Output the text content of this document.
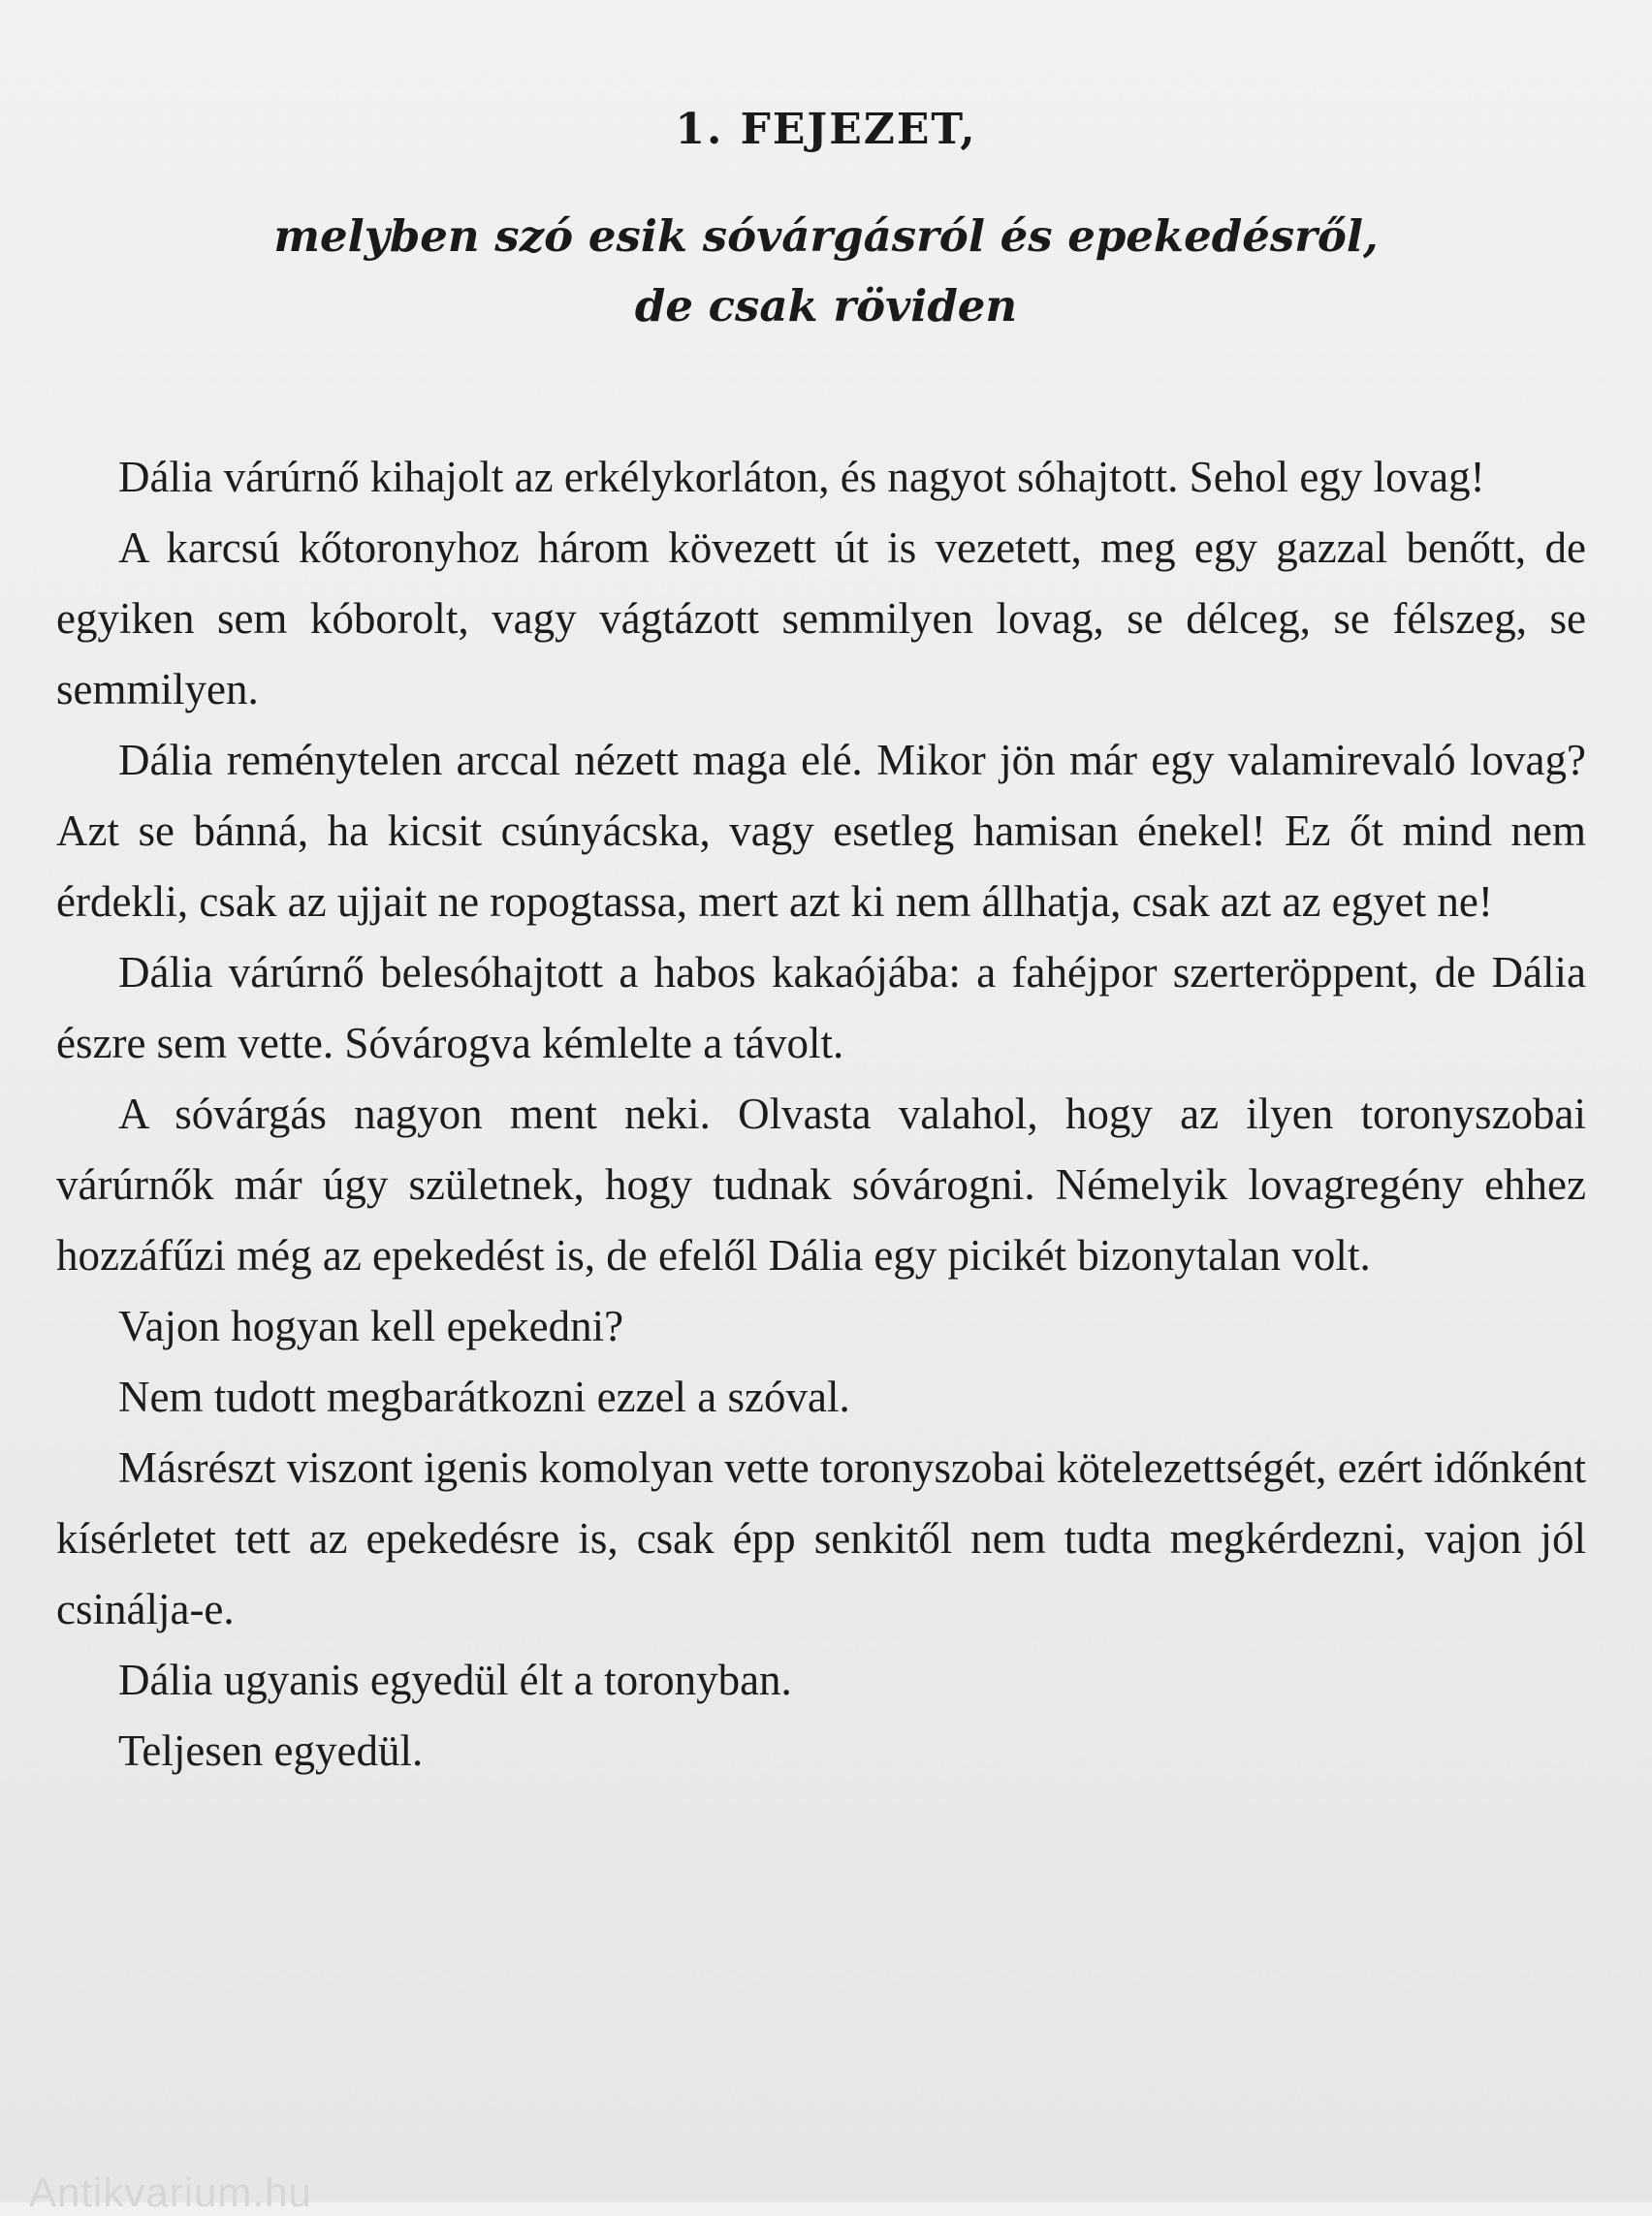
1. FEJEZET,
melyben szó esik sóvárgásról és epekedésről,
de csak röviden

Dália várúrnő kihajolt az erkélykorláton, és nagyot sóhajtott. Sehol egy lovag!

A karcsú kőtoronyhoz három kövezett út is vezetett, meg egy gazzal benőtt, de egyiken sem kóborolt, vagy vágtázott semmilyen lovag, se délceg, se félszeg, se semmilyen.

Dália reménytelen arccal nézett maga elé. Mikor jön már egy valamirevaló lovag? Azt se bánná, ha kicsit csúnyácska, vagy esetleg hamisan énekel! Ez őt mind nem érdekli, csak az ujjait ne ropogtassa, mert azt ki nem állhatja, csak azt az egyet ne!

Dália várúrnő belesóhajtott a habos kakaójába: a fahéjpor szerteröppent, de Dália észre sem vette. Sóvárogva kémlelte a távolt.

A sóvárgás nagyon ment neki. Olvasta valahol, hogy az ilyen toronyszobai várúrnők már úgy születnek, hogy tudnak sóvárogni. Némelyik lovagregény ehhez hozzáfűzi még az epekedést is, de efelől Dália egy picikét bizonytalan volt.

Vajon hogyan kell epekedni?

Nem tudott megbarátkozni ezzel a szóval.

Másrészt viszont igenis komolyan vette toronyszobai kötelezettségét, ezért időnként kísérletet tett az epekedésre is, csak épp senkitől nem tudta megkérdezni, vajon jól csinálja-e.

Dália ugyanis egyedül élt a toronyban.

Teljesen egyedül.

Antikvarium.hu
